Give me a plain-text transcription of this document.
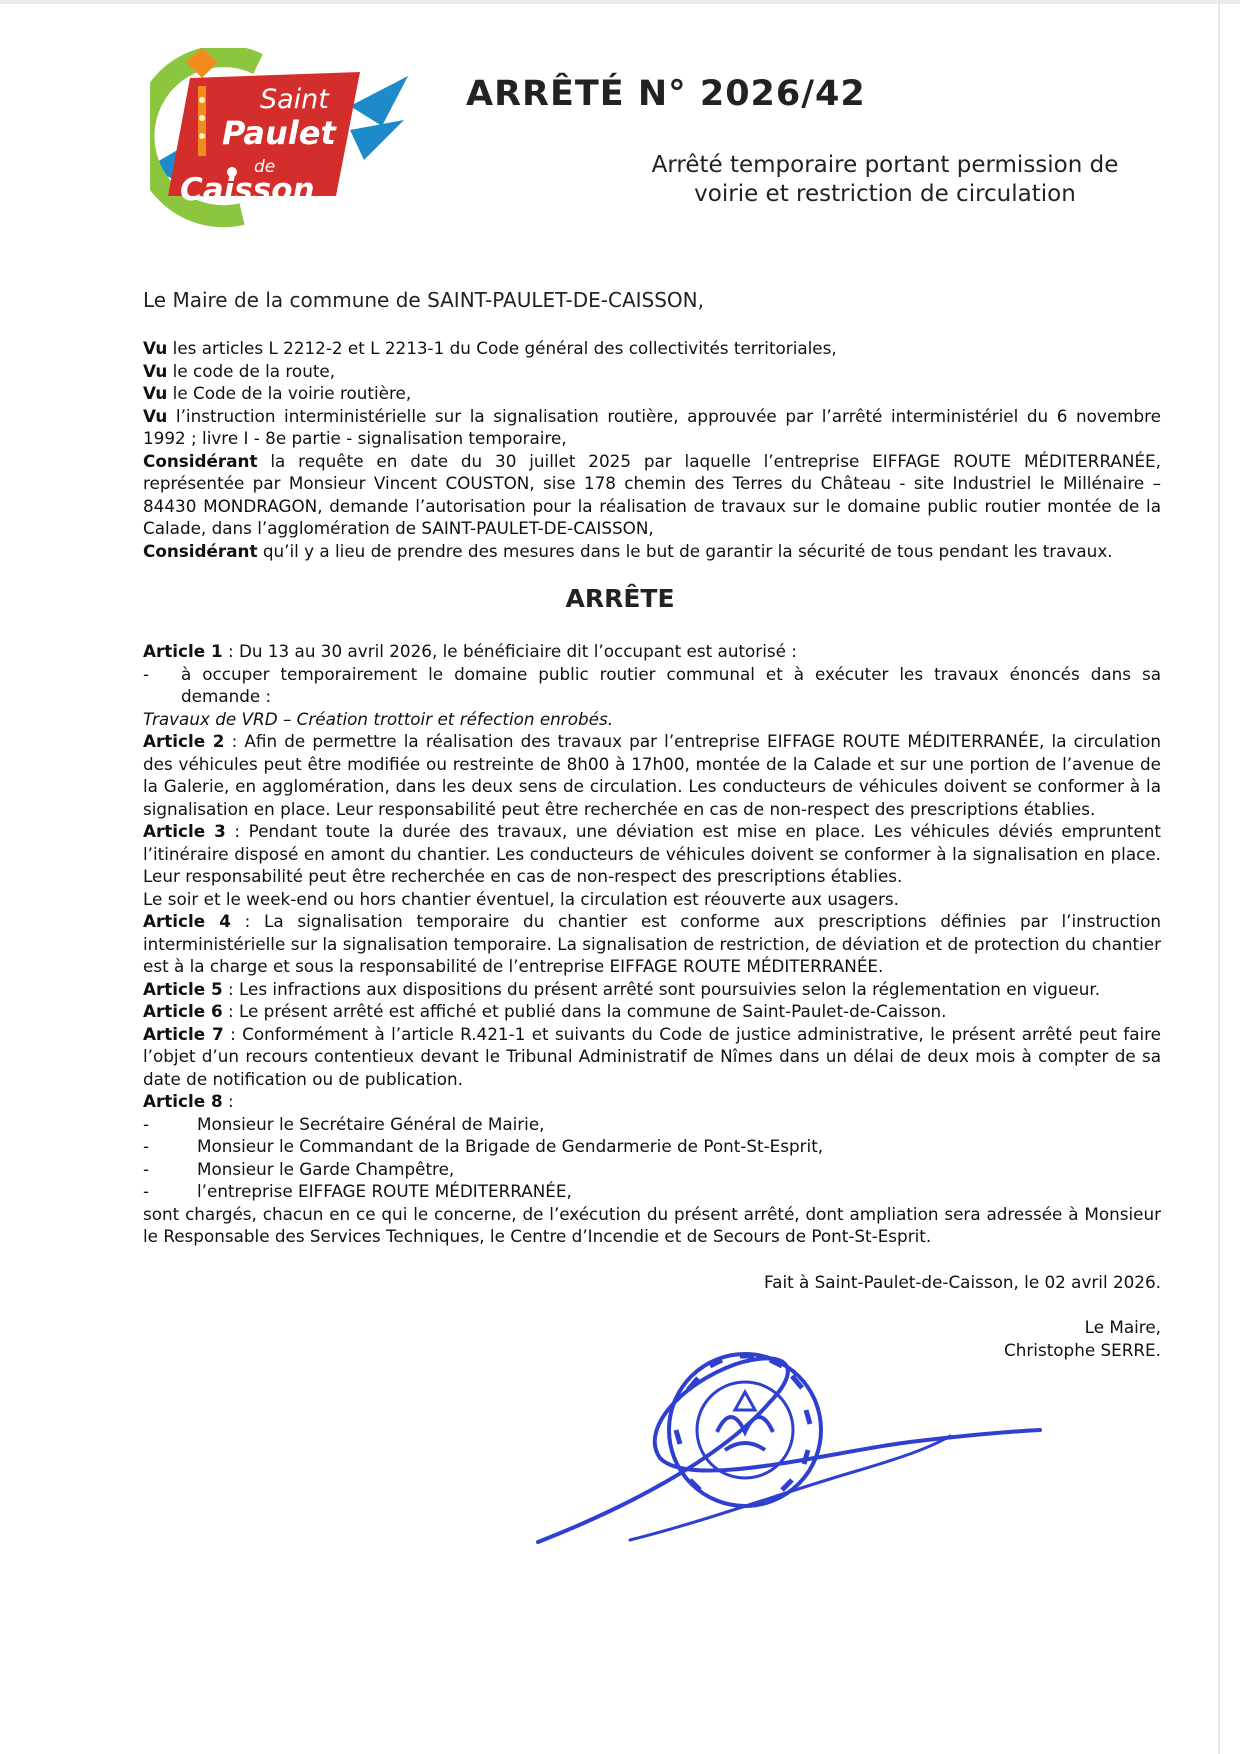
Saint
Paulet
de
Caisson
ARRÊTÉ N° 2026/42
Arrêté temporaire portant permission de
voirie et restriction de circulation
Le Maire de la commune de SAINT-PAULET-DE-CAISSON,

Vu les articles L 2212-2 et L 2213-1 du Code général des collectivités territoriales,

Vu le code de la route,

Vu le Code de la voirie routière,

Vu l’instruction interministérielle sur la signalisation routière, approuvée par l’arrêté interministériel du 6 novembre 1992 ; livre I - 8e partie - signalisation temporaire,

Considérant la requête en date du 30 juillet 2025 par laquelle l’entreprise EIFFAGE ROUTE MÉDITERRANÉE, représentée par Monsieur Vincent COUSTON, sise 178 chemin des Terres du Château - site Industriel le Millénaire – 84430 MONDRAGON, demande l’autorisation pour la réalisation de travaux sur le domaine public routier montée de la Calade, dans l’agglomération de SAINT-PAULET-DE-CAISSON,

Considérant qu’il y a lieu de prendre des mesures dans le but de garantir la sécurité de tous pendant les travaux.

ARRÊTE

Article 1 : Du 13 au 30 avril 2026, le bénéficiaire dit l’occupant est autorisé :

- à occuper temporairement le domaine public routier communal et à exécuter les travaux énoncés dans sa demande :

Travaux de VRD – Création trottoir et réfection enrobés.

Article 2 : Afin de permettre la réalisation des travaux par l’entreprise EIFFAGE ROUTE MÉDITERRANÉE, la circulation des véhicules peut être modifiée ou restreinte de 8h00 à 17h00, montée de la Calade et sur une portion de l’avenue de la Galerie, en agglomération, dans les deux sens de circulation. Les conducteurs de véhicules doivent se conformer à la signalisation en place. Leur responsabilité peut être recherchée en cas de non-respect des prescriptions établies.

Article 3 : Pendant toute la durée des travaux, une déviation est mise en place. Les véhicules déviés empruntent l’itinéraire disposé en amont du chantier. Les conducteurs de véhicules doivent se conformer à la signalisation en place. Leur responsabilité peut être recherchée en cas de non-respect des prescriptions établies.

Le soir et le week-end ou hors chantier éventuel, la circulation est réouverte aux usagers.

Article 4 : La signalisation temporaire du chantier est conforme aux prescriptions définies par l’instruction interministérielle sur la signalisation temporaire. La signalisation de restriction, de déviation et de protection du chantier est à la charge et sous la responsabilité de l’entreprise EIFFAGE ROUTE MÉDITERRANÉE.

Article 5 : Les infractions aux dispositions du présent arrêté sont poursuivies selon la réglementation en vigueur.

Article 6 : Le présent arrêté est affiché et publié dans la commune de Saint-Paulet-de-Caisson.

Article 7 : Conformément à l’article R.421-1 et suivants du Code de justice administrative, le présent arrêté peut faire l’objet d’un recours contentieux devant le Tribunal Administratif de Nîmes dans un délai de deux mois à compter de sa date de notification ou de publication.

Article 8 :

-	Monsieur le Secrétaire Général de Mairie,

-	Monsieur le Commandant de la Brigade de Gendarmerie de Pont-St-Esprit,

-	Monsieur le Garde Champêtre,

-	l’entreprise EIFFAGE ROUTE MÉDITERRANÉE,

sont chargés, chacun en ce qui le concerne, de l’exécution du présent arrêté, dont ampliation sera adressée à Monsieur le Responsable des Services Techniques, le Centre d’Incendie et de Secours de Pont-St-Esprit.

Fait à Saint-Paulet-de-Caisson, le 02 avril 2026.
Le Maire,
Christophe SERRE.
